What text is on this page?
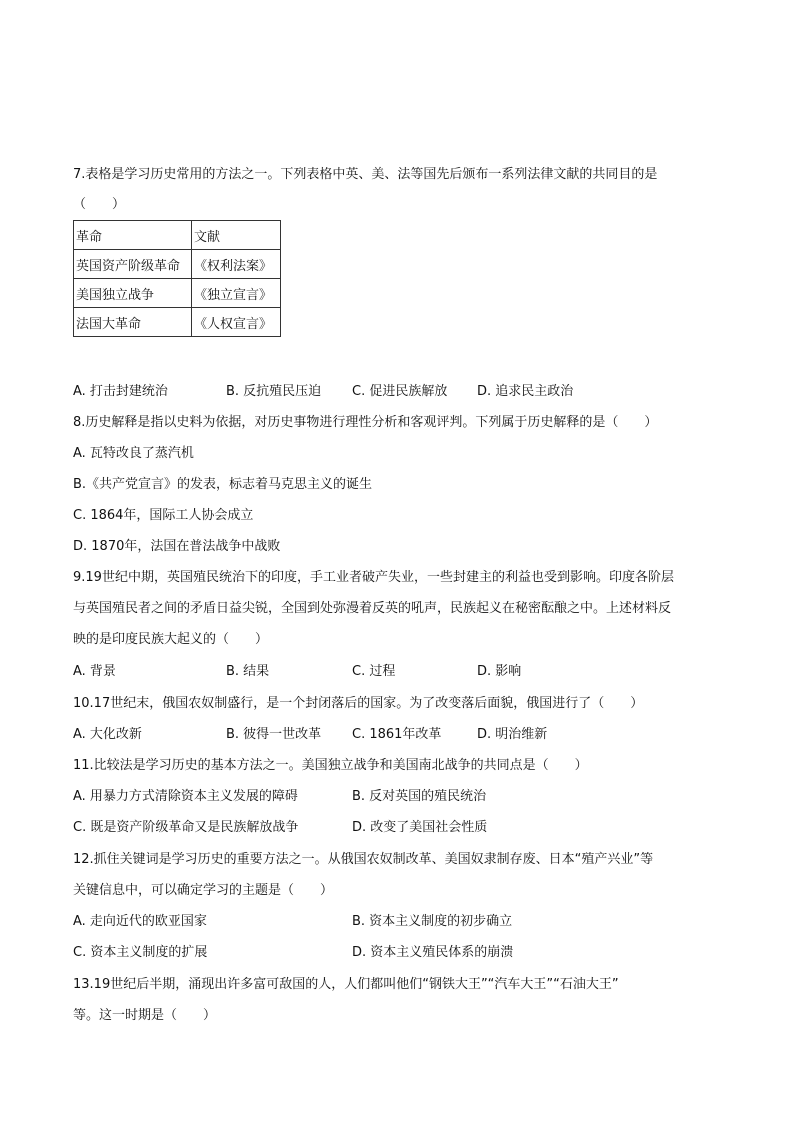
7.表格是学习历史常用的方法之一。下列表格中英、美、法等国先后颁布一系列法律文献的共同目的是
（　　）
革命	文献
英国资产阶级革命	《权利法案》
美国独立战争	《独立宣言》
法国大革命	《人权宣言》
A. 打击封建统治	B. 反抗殖民压迫 C. 促进民族解放 D. 追求民主政治
8.历史解释是指以史料为依据，对历史事物进行理性分析和客观评判。下列属于历史解释的是（　　）
A. 瓦特改良了蒸汽机
B.《共产党宣言》的发表，标志着马克思主义的诞生
C. 1864年，国际工人协会成立
D. 1870年，法国在普法战争中战败
9.19世纪中期，英国殖民统治下的印度，手工业者破产失业，一些封建主的利益也受到影响。印度各阶层
与英国殖民者之间的矛盾日益尖锐，全国到处弥漫着反英的吼声，民族起义在秘密酝酿之中。上述材料反
映的是印度民族大起义的（　　）
A. 背景	B. 结果	C. 过程	D. 影响
10.17世纪末，俄国农奴制盛行，是一个封闭落后的国家。为了改变落后面貌，俄国进行了（　　）
A. 大化改新	B. 彼得一世改革 C. 1861年改革	D. 明治维新
11.比较法是学习历史的基本方法之一。美国独立战争和美国南北战争的共同点是（　　）
A. 用暴力方式清除资本主义发展的障碍	B. 反对英国的殖民统治
C. 既是资产阶级革命又是民族解放战争	D. 改变了美国社会性质
12.抓住关键词是学习历史的重要方法之一。从俄国农奴制改革、美国奴隶制存废、日本“殖产兴业”等
关键信息中，可以确定学习的主题是（　　）
A. 走向近代的欧亚国家	B. 资本主义制度的初步确立
C. 资本主义制度的扩展	D. 资本主义殖民体系的崩溃
13.19世纪后半期，涌现出许多富可敌国的人，人们都叫他们“钢铁大王”“汽车大王”“石油大王”
等。这一时期是（　　）
